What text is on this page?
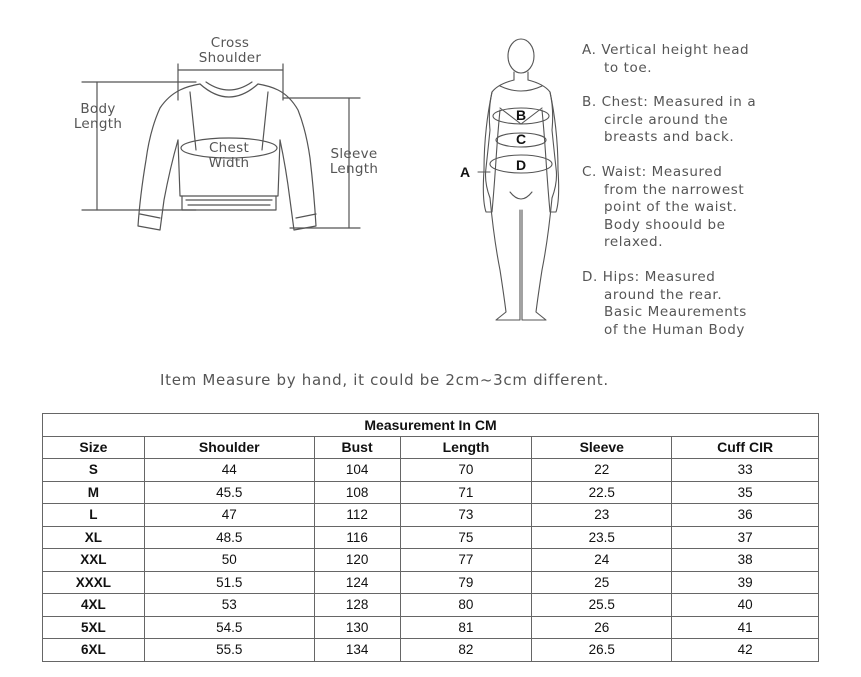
Cross
Shoulder
Body
Length
Chest
Width
Sleeve
Length	A
B
C
D
A. Vertical height head
to toe.
B. Chest: Measured in a
circle around the
breasts and back.
C. Waist: Measured
from the narrowest
point of the waist.
Body shoould be
relaxed.
D. Hips: Measured
around the rear.
Basic Meaurements
of the Human Body
Item Measure by hand, it could be 2cm~3cm different.
Measurement In CM					
Size	Shoulder	Bust	Length	Sleeve	Cuff CIR
S	44	104	70	22	33
M	45.5	108	71	22.5	35
L	47	112	73	23	36
XL	48.5	116	75	23.5	37
XXL	50	120	77	24	38
XXXL	51.5	124	79	25	39
4XL	53	128	80	25.5	40
5XL	54.5	130	81	26	41
6XL	55.5	134	82	26.5	42
